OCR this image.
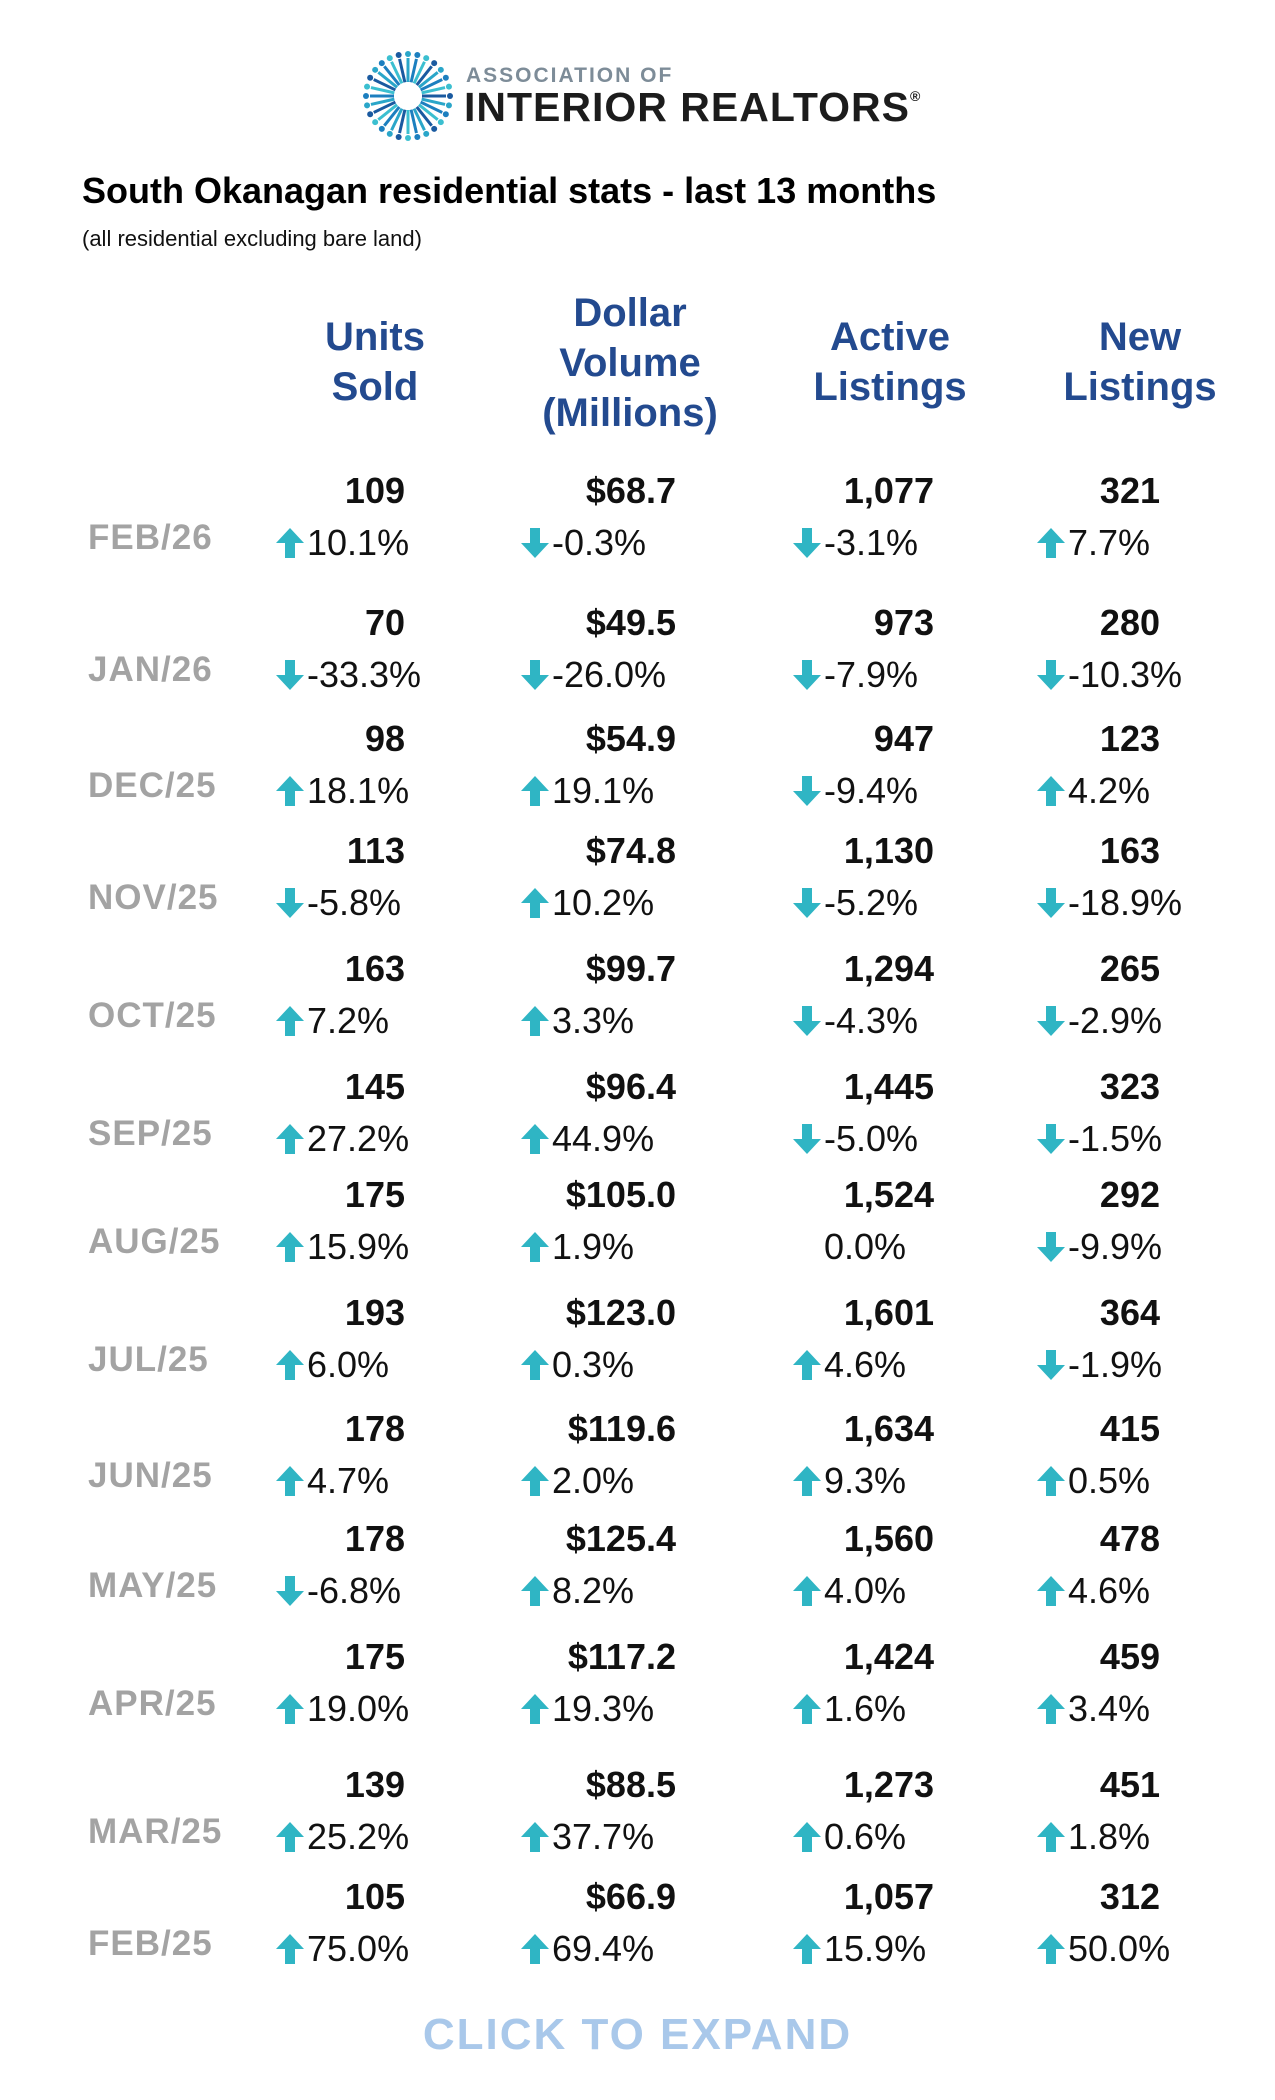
ASSOCIATION OF
INTERIOR REALTORS®
South Okanagan residential stats - last 13 months
(all residential excluding bare land)
Units
Sold
Dollar
Volume
(Millions)
Active
Listings
New
Listings
FEB/26
109
10.1%
$68.7
-0.3%
1,077
-3.1%
321
7.7%
JAN/26
70
-33.3%
$49.5
-26.0%
973
-7.9%
280
-10.3%
DEC/25
98
18.1%
$54.9
19.1%
947
-9.4%
123
4.2%
NOV/25
113
-5.8%
$74.8
10.2%
1,130
-5.2%
163
-18.9%
OCT/25
163
7.2%
$99.7
3.3%
1,294
-4.3%
265
-2.9%
SEP/25
145
27.2%
$96.4
44.9%
1,445
-5.0%
323
-1.5%
AUG/25
175
15.9%
$105.0
1.9%
1,524
0.0%
292
-9.9%
JUL/25
193
6.0%
$123.0
0.3%
1,601
4.6%
364
-1.9%
JUN/25
178
4.7%
$119.6
2.0%
1,634
9.3%
415
0.5%
MAY/25
178
-6.8%
$125.4
8.2%
1,560
4.0%
478
4.6%
APR/25
175
19.0%
$117.2
19.3%
1,424
1.6%
459
3.4%
MAR/25
139
25.2%
$88.5
37.7%
1,273
0.6%
451
1.8%
FEB/25
105
75.0%
$66.9
69.4%
1,057
15.9%
312
50.0%
CLICK TO EXPAND
